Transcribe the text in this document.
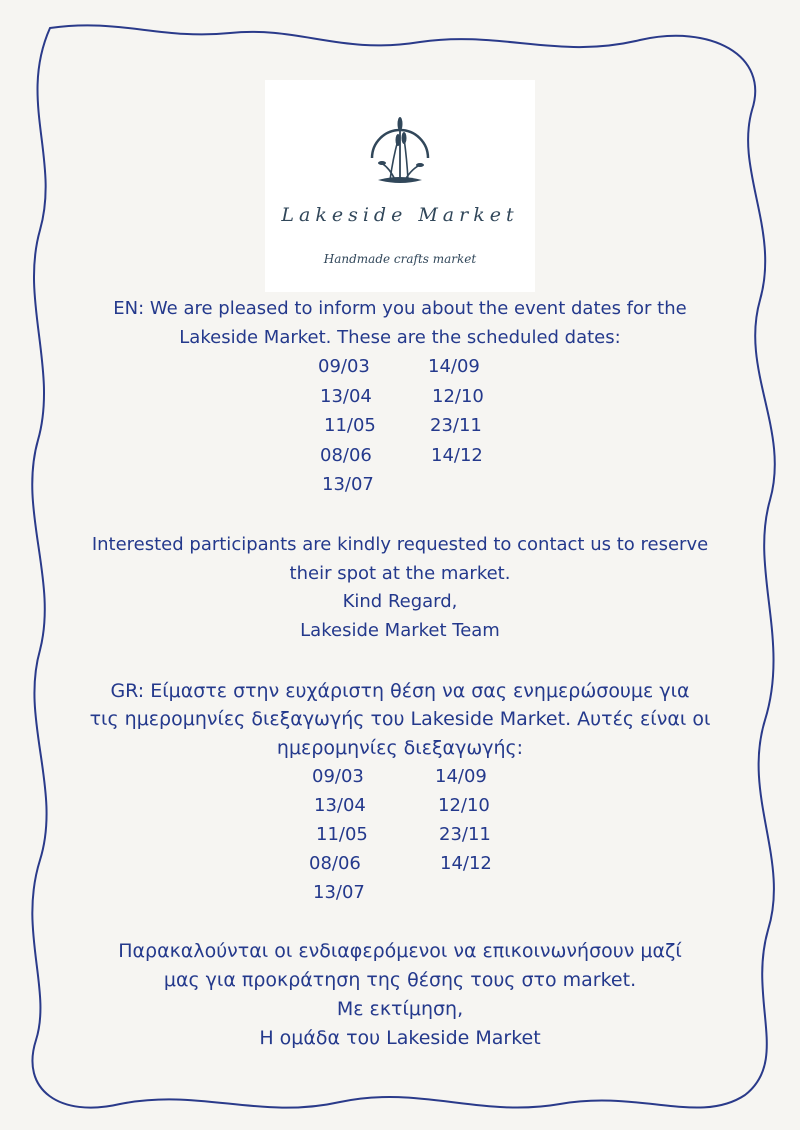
Lakeside Market
Handmade crafts market
EN: We are pleased to inform you about the event dates for the
Lakeside Market. These are the scheduled dates:
09/03	14/09
13/04	12/10
11/05	23/11
08/06	14/12
13/07
Interested participants are kindly requested to contact us to reserve
their spot at the market.
Kind Regard,
Lakeside Market Team
GR: Είμαστε στην ευχάριστη θέση να σας ενημερώσουμε για
τις ημερομηνίες διεξαγωγής του Lakeside Market. Αυτές είναι οι
ημερομηνίες διεξαγωγής:
09/03	14/09
13/04	12/10
11/05	23/11
08/06	14/12
13/07
Παρακαλούνται οι ενδιαφερόμενοι να επικοινωνήσουν μαζί
μας για προκράτηση της θέσης τους στο market.
Με εκτίμηση,
Η ομάδα του Lakeside Market
